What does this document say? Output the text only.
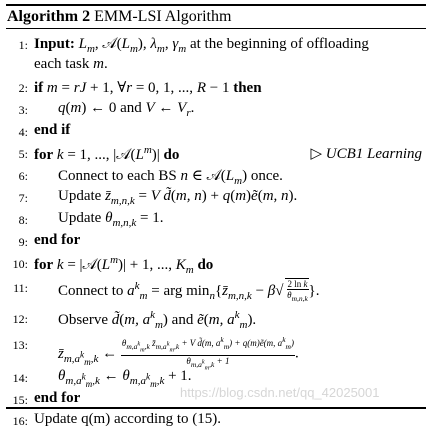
Algorithm 2 EMM-LSI Algorithm
1: Input: $L_m$, $𝒜(L_m)$, $\lambda_m$, $\gamma_m$ at the beginning of offloading
each task m.
2: if m = rJ + 1, ∀r = 0, 1, ..., R − 1 then
3: q(m) ← 0 and V ← $V_r$.
4: end if
5: for k = 1, ..., $|𝒜(L^m)|$ do	▷ UCB1 Learning
6: Connect to each BS n ∈ $𝒜(L_m)$ once.
7: Update $z̄_{m,n,k} = V$ d̃(m, n) + q(m)ẽ(m, n).
8: Update $\theta_{m,n,k} = 1$.
9: end for
10: for $k = |𝒜(L^m)| + 1$, ..., $K_m$ do
11: Connect to $a^k_m$ = arg $\min_n\{z̄_{m,n,k} - \beta√ \frac{\text{2 ln k}}{\theta_{m,n,k}}$ }.
12: Observe d̃(m, $a^k_m$) and ẽ(m, $a^k_m$).
13:
$z̄_{m,a^k_m,k}$ ← $\frac{\theta_{m,a^k_m,k} z̄_{m,a^k_m,k} + V d̃(m, a^k_m) + q(m)ẽ(m, a^k_m)}{\theta_{m,a^k_m,k} + 1}$ .
14: $\theta_{m,a^k_m,k}$ ← $\theta_{m,a^k_m,k} + 1$.
15: end for
16: Update q(m) according to (15).
https://blog.csdn.net/qq_42025001
